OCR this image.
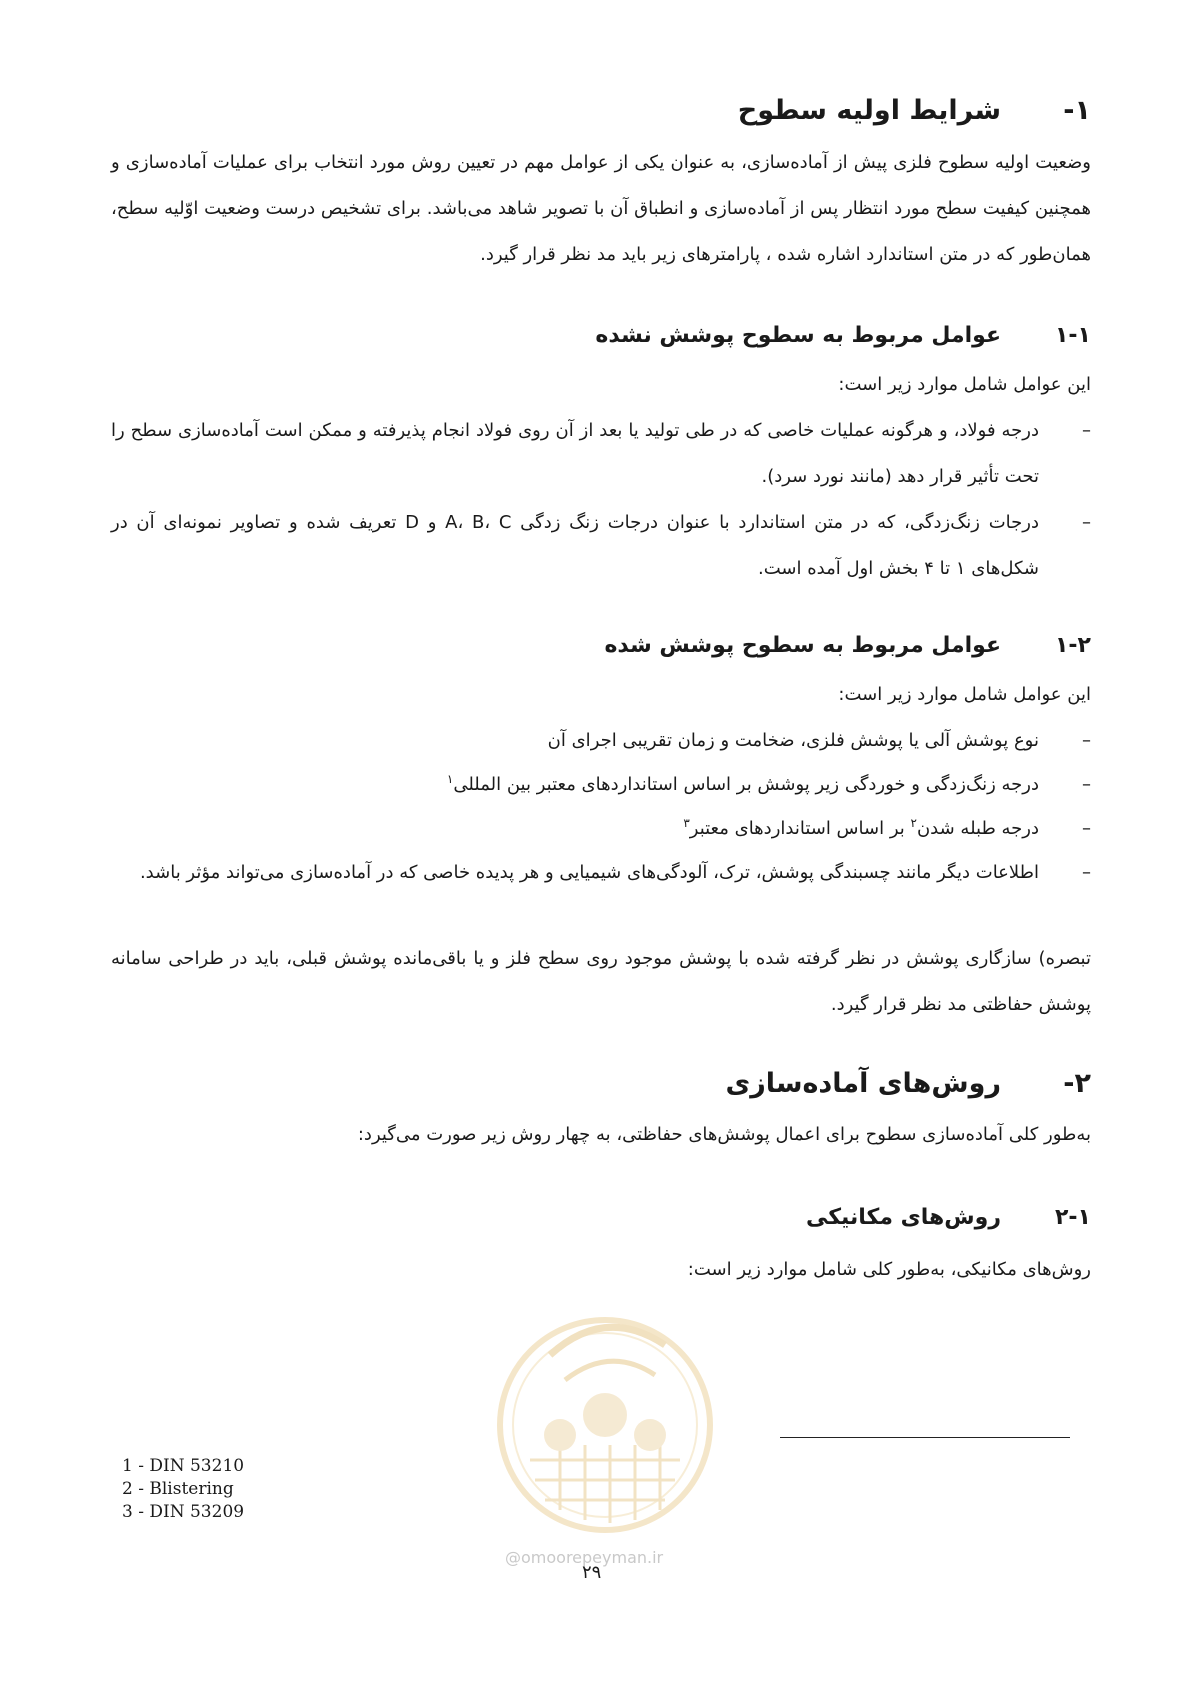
۱-شرایط اولیه سطوح
وضعیت اولیه سطوح فلزی پیش از آماده‌سازی، به عنوان یکی از عوامل مهم در تعیین روش مورد انتخاب برای عملیات آماده‌سازی و همچنین کیفیت سطح مورد انتظار پس از آماده‌سازی و انطباق آن با تصویر شاهد می‌باشد. برای تشخیص درست وضعیت اوّلیه سطح، همان‌طور که در متن استاندارد اشاره شده ، پارامترهای زیر باید مد نظر قرار گیرد.
۱-۱عوامل مربوط به سطوح پوشش نشده
این عوامل شامل موارد زیر است:
–
درجه فولاد، و هرگونه عملیات خاصی که در طی تولید یا بعد از آن روی فولاد انجام پذیرفته و ممکن است آماده‌سازی سطح را تحت تأثیر قرار دهد (مانند نورد سرد).
–
درجات زنگ‌زدگی، که در متن استاندارد با عنوان درجات زنگ زدگی A، B، C و D تعریف شده و تصاویر نمونه‌ای آن در شکل‌های ۱ تا ۴ بخش اول آمده است.
۱-۲عوامل مربوط به سطوح پوشش شده
این عوامل شامل موارد زیر است:
–
نوع پوشش آلی یا پوشش فلزی، ضخامت و زمان تقریبی اجرای آن
–
درجه زنگ‌زدگی و خوردگی زیر پوشش بر اساس استانداردهای معتبر بین المللی$^۱$
–
درجه طبله شدن$^۲$ بر اساس استانداردهای معتبر$^۳$
–
اطلاعات دیگر مانند چسبندگی پوشش، ترک، آلودگی‌های شیمیایی و هر پدیده خاصی که در آماده‌سازی می‌تواند مؤثر باشد.
تبصره) سازگاری پوشش در نظر گرفته شده با پوشش موجود روی سطح فلز و یا باقی‌مانده پوشش قبلی، باید در طراحی سامانه پوشش حفاظتی مد نظر قرار گیرد.
۲-روش‌های آماده‌سازی
به‌طور کلی آماده‌سازی سطوح برای اعمال پوشش‌های حفاظتی، به چهار روش زیر صورت می‌گیرد:
۲-۱روش‌های مکانیکی
روش‌های مکانیکی، به‌طور کلی شامل موارد زیر است:
@omoorepeyman.ir
1 - DIN 53210
2 - Blistering
3 - DIN 53209
۲۹
